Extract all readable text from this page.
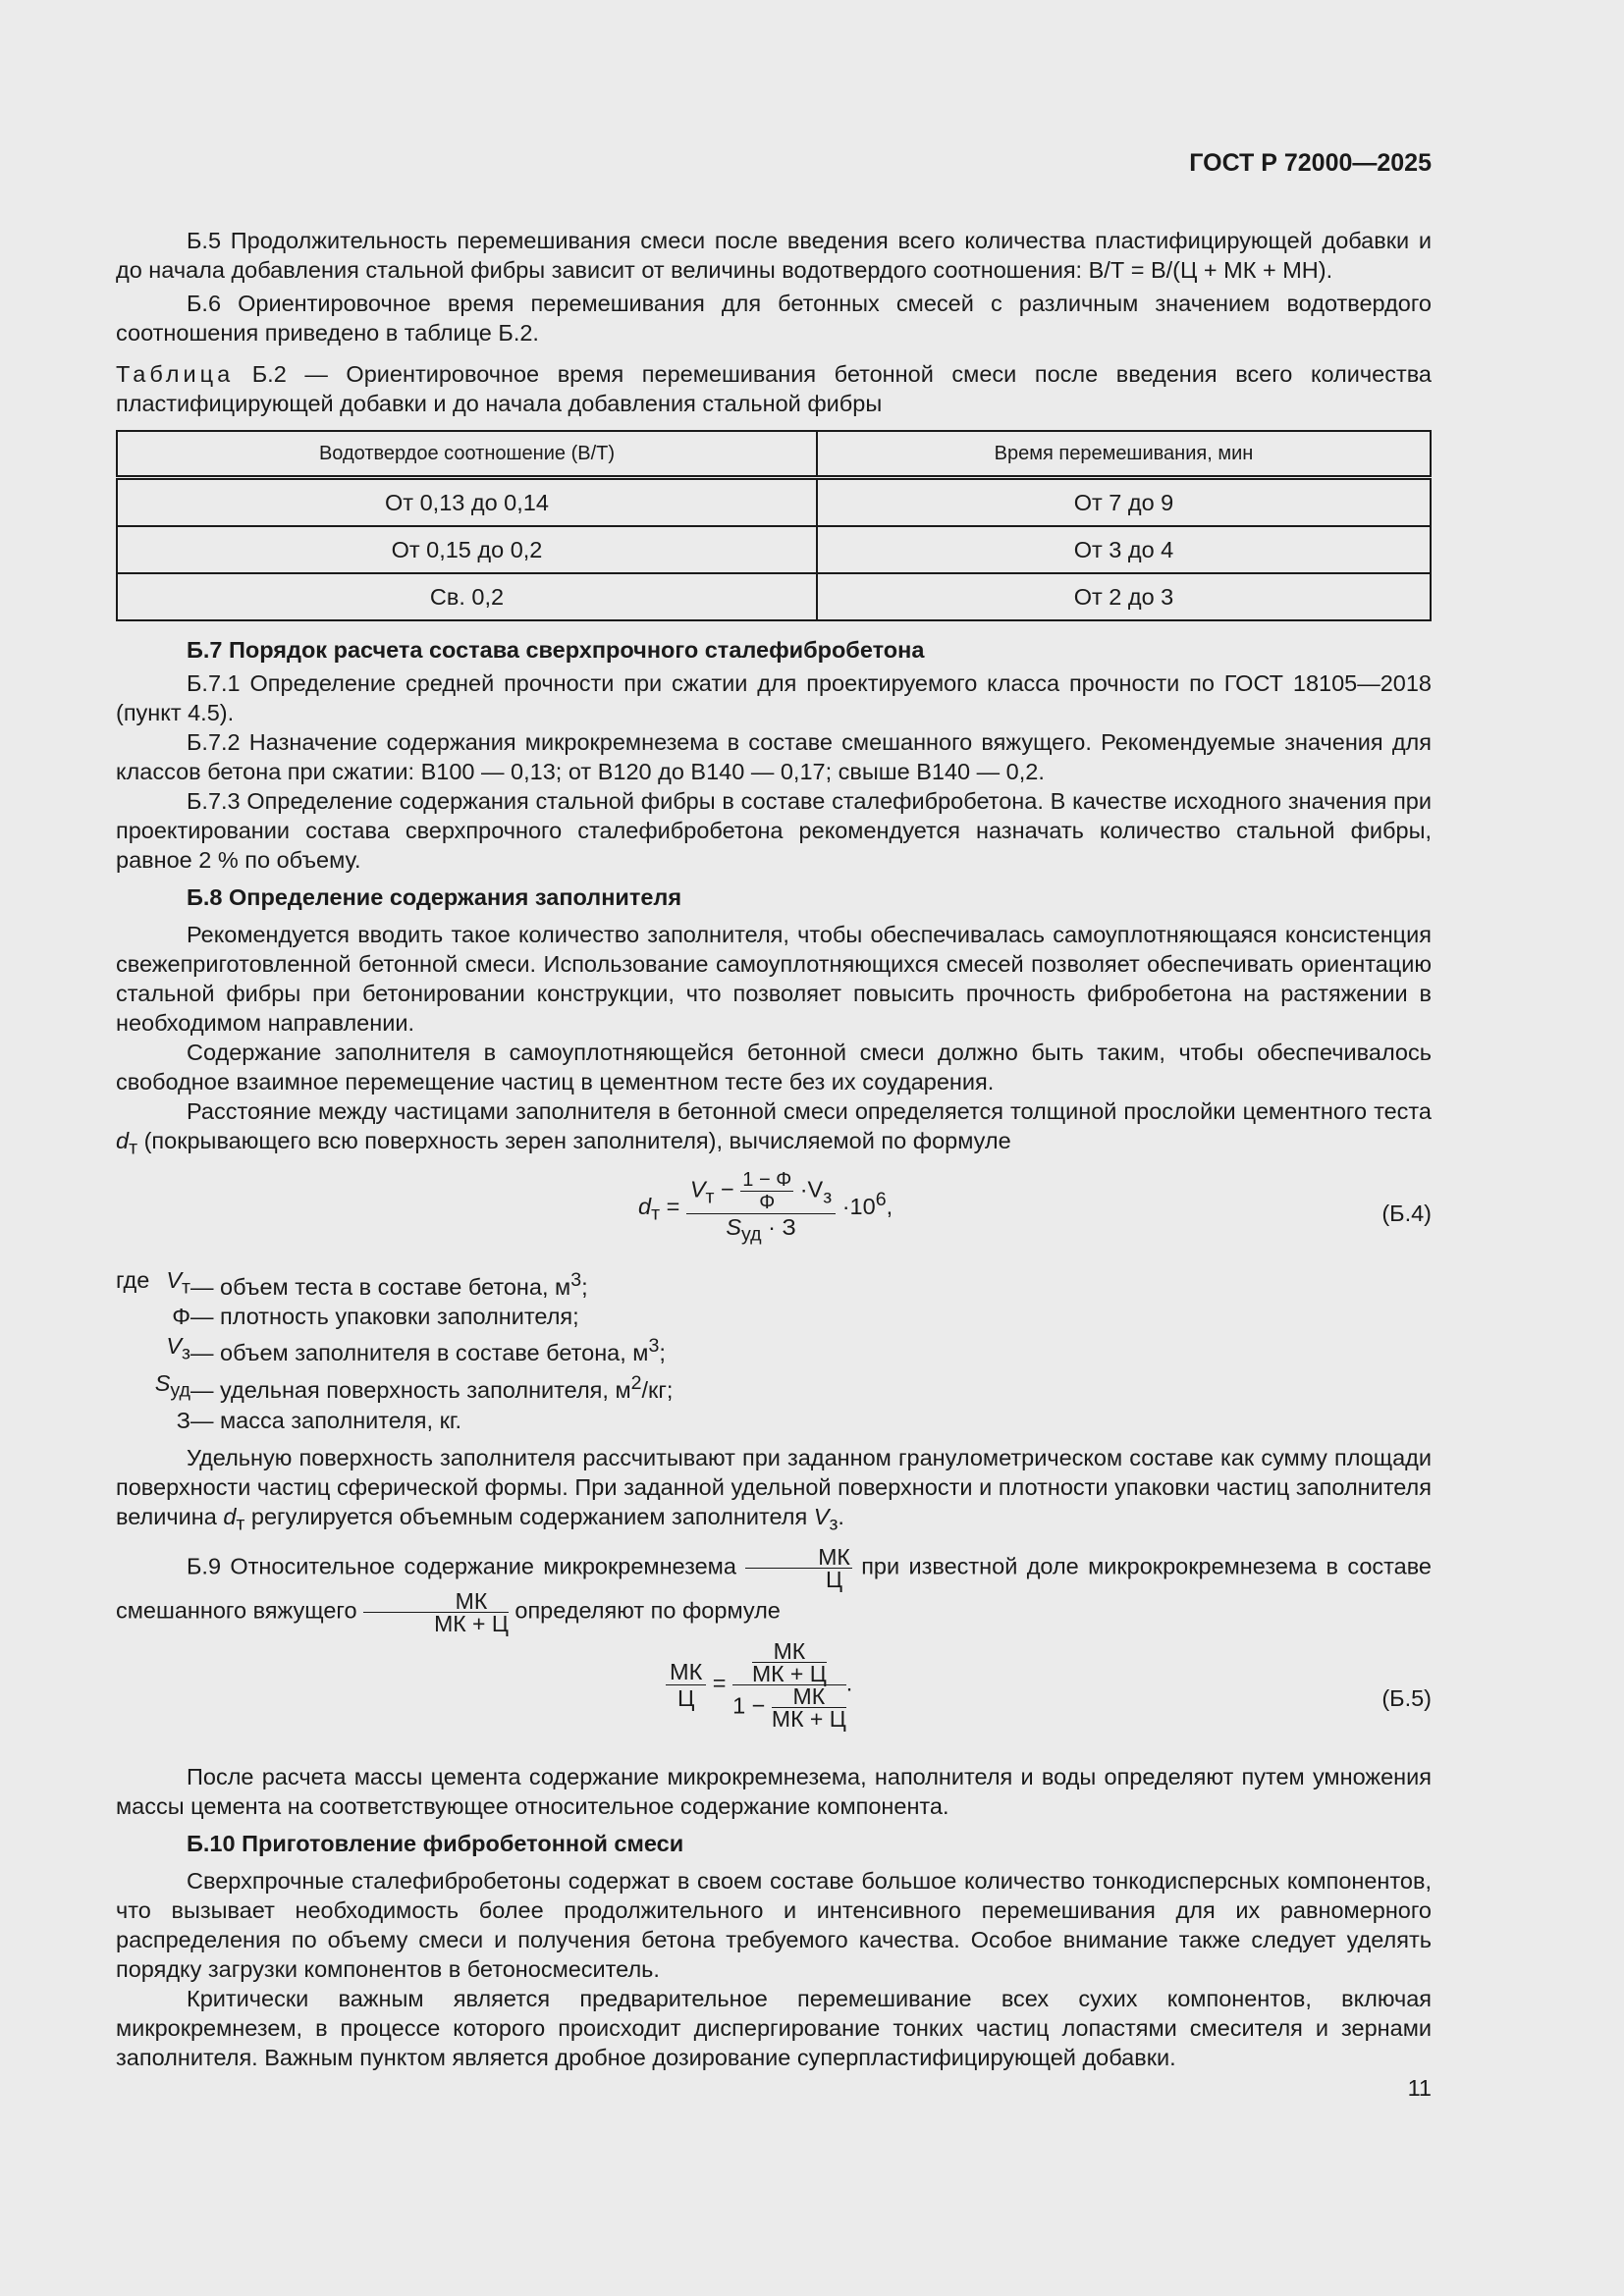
ГОСТ Р 72000—2025

Б.5 Продолжительность перемешивания смеси после введения всего количества пластифицирующей добавки и до начала добавления стальной фибры зависит от величины водотвердого соотношения: В/Т = В/(Ц + МК + МН).

Б.6 Ориентировочное время перемешивания для бетонных смесей с различным значением водотвердого соотношения приведено в таблице Б.2.

Таблица Б.2 — Ориентировочное время перемешивания бетонной смеси после введения всего количества пластифицирующей добавки и до начала добавления стальной фибры

Водотвердое соотношение (В/Т)	Время перемешивания, мин
От 0,13 до 0,14	От 7 до 9
От 0,15 до 0,2	От 3 до 4
Св. 0,2	От 2 до 3

Б.7 Порядок расчета состава сверхпрочного сталефибробетона

Б.7.1 Определение средней прочности при сжатии для проектируемого класса прочности по ГОСТ 18105—2018 (пункт 4.5).

Б.7.2 Назначение содержания микрокремнезема в составе смешанного вяжущего. Рекомендуемые значения для классов бетона при сжатии: В100 — 0,13; от В120 до В140 — 0,17; свыше В140 — 0,2.

Б.7.3 Определение содержания стальной фибры в составе сталефибробетона. В качестве исходного значения при проектировании состава сверхпрочного сталефибробетона рекомендуется назначать количество стальной фибры, равное 2 % по объему.

Б.8 Определение содержания заполнителя

Рекомендуется вводить такое количество заполнителя, чтобы обеспечивалась самоуплотняющаяся консистенция свежеприготовленной бетонной смеси. Использование самоуплотняющихся смесей позволяет обеспечивать ориентацию стальной фибры при бетонировании конструкции, что позволяет повысить прочность фибробетона на растяжении в необходимом направлении.

Содержание заполнителя в самоуплотняющейся бетонной смеси должно быть таким, чтобы обеспечивалось свободное взаимное перемещение частиц в цементном тесте без их соударения.

Расстояние между частицами заполнителя в бетонной смеси определяется толщиной прослойки цементного теста $d_т$ (покрывающего всю поверхность зерен заполнителя), вычисляемой по формуле

$d_т$ =
$V_т - \frac{1 - \Phi}{\Phi} \cdot V_з$
$S_{уд} \cdot З$
$\cdot 10^6$,	(Б.4)
где $V_т$ — объем теста в составе бетона, $м^3$;
Φ — плотность упаковки заполнителя;
$V_з$ — объем заполнителя в составе бетона, $м^3$;
$S_{уд}$ — удельная поверхность заполнителя, $м^2/кг$;
З — масса заполнителя, кг.

Удельную поверхность заполнителя рассчитывают при заданном гранулометрическом составе как сумму площади поверхности частиц сферической формы. При заданной удельной поверхности и плотности упаковки частиц заполнителя величина $d_т$ регулируется объемным содержанием заполнителя $V_з$.

Б.9 Относительное содержание микрокремнезема	МК
Ц
при известной доле микрокрокремнезема в составе смешанного вяжущего	МК
МК + Ц
определяют по формуле

МК
Ц
=
МК
МК + Ц
1 −	МК
МК + Ц
.
(Б.5)

После расчета массы цемента содержание микрокремнезема, наполнителя и воды определяют путем умножения массы цемента на соответствующее относительное содержание компонента.

Б.10 Приготовление фибробетонной смеси

Сверхпрочные сталефибробетоны содержат в своем составе большое количество тонкодисперсных компонентов, что вызывает необходимость более продолжительного и интенсивного перемешивания для их равномерного распределения по объему смеси и получения бетона требуемого качества. Особое внимание также следует уделять порядку загрузки компонентов в бетоносмеситель.

Критически важным является предварительное перемешивание всех сухих компонентов, включая микрокремнезем, в процессе которого происходит диспергирование тонких частиц лопастями смесителя и зернами заполнителя. Важным пунктом является дробное дозирование суперпластифицирующей добавки.

11
